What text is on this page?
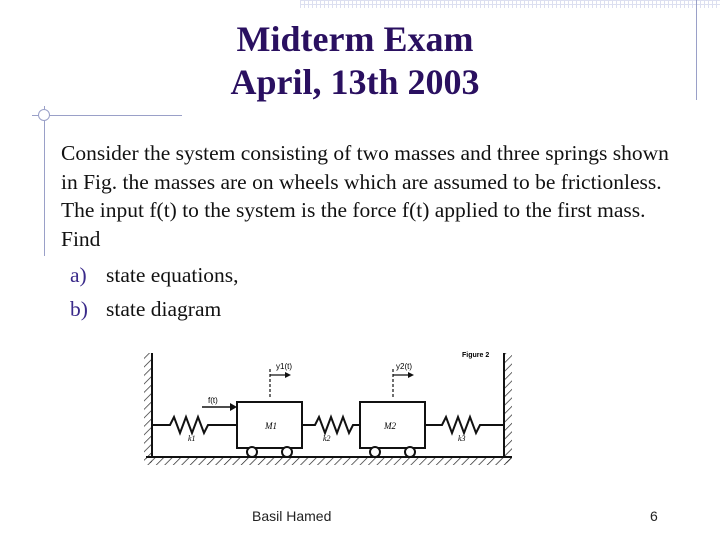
Midterm Exam
April, 13th 2003
Consider the system consisting of two masses and three springs shown in Fig. the masses are on wheels which are assumed to be frictionless. The input f(t) to the system is the force f(t) applied to the first mass. Find
a) state equations,
b) state diagram
f(t)
y1(t)	y2(t)
M1	M2
k1	k2	k3
Figure 2
Basil Hamed	6
